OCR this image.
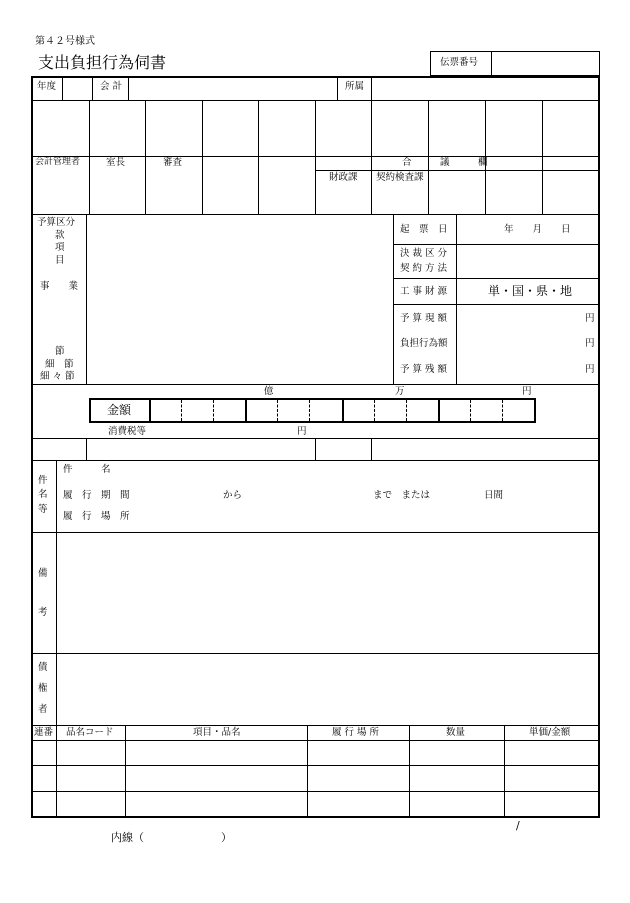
第４２号様式
支出負担行為伺書	伝票番号
年度	会 計	所属
会計管理者	室長	審査	合　　　議　　　欄
財政課 契約検査課
予算区分
款
項
目
事　　業
節
細　節
細 々 節
起　票　日	年　　月　　日
決 裁 区 分
契 約 方 法
工 事 財 源	単・国・県・地
予 算 現 額	円
負担行為額	円
予 算 残 額	円
億	万	円
金額
消費税等	円
件
名
等
件　　　名
履　行　期　間	から	まで　または	日間
履　行　場　所
備
考
債
権
者
連番 品名コード	項目・品名	履 行 場 所	数量	単価/金額
/
内線（　　　　　　　）
